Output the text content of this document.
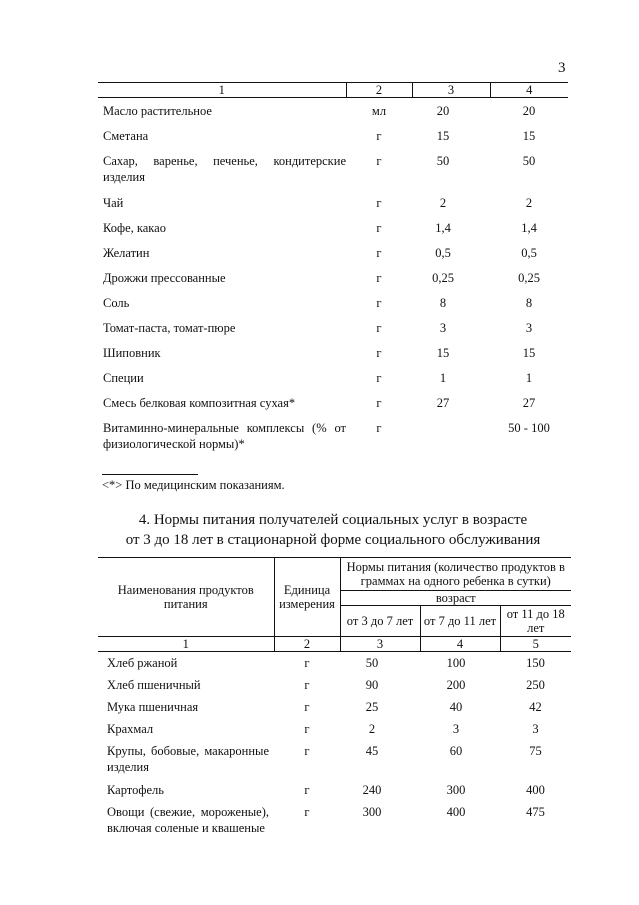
3
1	2	3	4
Масло растительное	мл	20	20
Сметана	г	15	15
Сахар, варенье, печенье, кондитерские изделия	г	50	50
Чай	г	2	2
Кофе, какао	г	1,4	1,4
Желатин	г	0,5	0,5
Дрожжи прессованные	г	0,25	0,25
Соль	г	8	8
Томат-паста, томат-пюре	г	3	3
Шиповник	г	15	15
Специи	г	1	1
Смесь белковая композитная сухая*	г	27	27
Витаминно-минеральные комплексы (% от физиологической нормы)*	г		50 - 100
<*> По медицинским показаниям.
4. Нормы питания получателей социальных услуг в возрасте
от 3 до 18 лет в стационарной форме социального обслуживания
Наименования продуктов питания	Единица измерения	Нормы питания (количество продуктов в граммах на одного ребенка в сутки)
возраст
от 3 до 7 лет	от 7 до 11 лет	от 11 до 18 лет
1	2	3	4	5
Хлеб ржаной	г	50	100	150
Хлеб пшеничный	г	90	200	250
Мука пшеничная	г	25	40	42
Крахмал	г	2	3	3
Крупы, бобовые, макаронные изделия	г	45	60	75
Картофель	г	240	300	400
Овощи (свежие, мороженые), включая соленые и квашеные	г	300	400	475
